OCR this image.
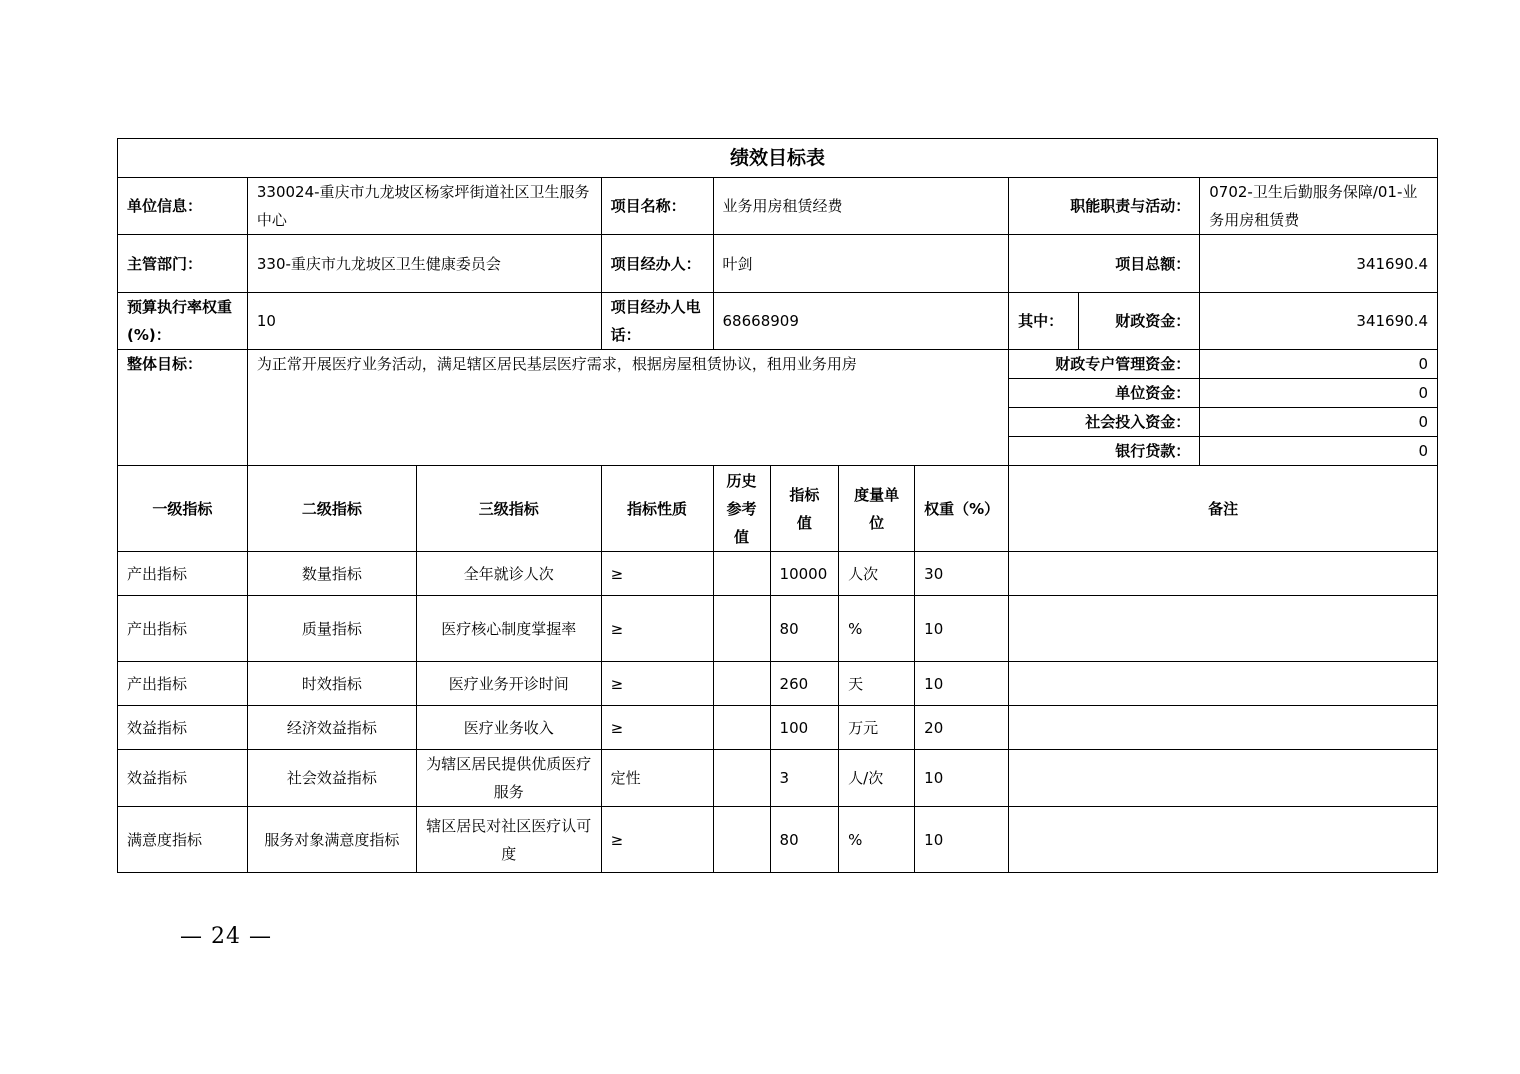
绩效目标表										
单位信息：	330024-重庆市九龙坡区杨家坪街道社区卫生服务中心		项目名称：	业务用房租赁经费				职能职责与活动：		0702-卫生后勤服务保障/01-业务用房租赁费
主管部门：	330-重庆市九龙坡区卫生健康委员会		项目经办人：	叶剑				项目总额：		341690.4
预算执行率权重(%)：	10		项目经办人电话：	68668909				其中：	财政资金：	341690.4
整体目标：	为正常开展医疗业务活动，满足辖区居民基层医疗需求，根据房屋租赁协议，租用业务用房							财政专户管理资金：		0
								单位资金：		0
								社会投入资金：		0
								银行贷款：		0
一级指标	二级指标	三级指标	指标性质	历史参考值	指标值	度量单位	权重（%）	备注		
产出指标	数量指标	全年就诊人次	≥		10000	人次	30			
产出指标	质量指标	医疗核心制度掌握率	≥		80	%	10			
产出指标	时效指标	医疗业务开诊时间	≥		260	天	10			
效益指标	经济效益指标	医疗业务收入	≥		100	万元	20			
效益指标	社会效益指标	为辖区居民提供优质医疗服务	定性		3	人/次	10			
满意度指标	服务对象满意度指标	辖区居民对社区医疗认可度	≥		80	%	10			
— 24 —
